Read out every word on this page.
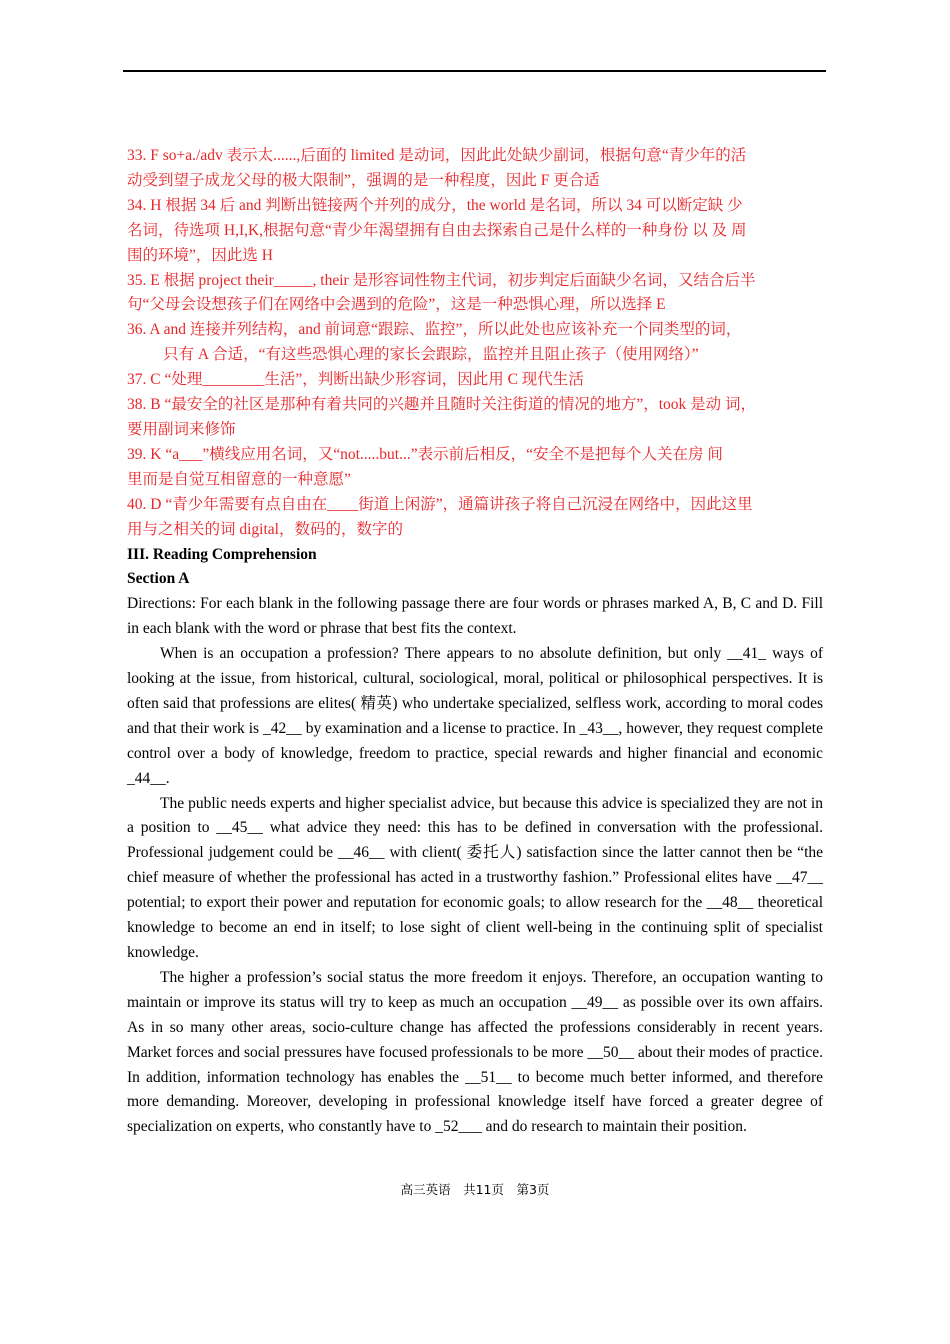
33. F so+a./adv 表示太......,后面的 limited 是动词，因此此处缺少副词，根据句意“青少年的活
动受到望子成龙父母的极大限制”，强调的是一种程度，因此 F 更合适

34. H 根据 34 后 and 判断出链接两个并列的成分，the world 是名词，所以 34 可以断定缺 少
名词，待选项 H,I,K,根据句意“青少年渴望拥有自由去探索自己是什么样的一种身份 以 及 周
围的环境”，因此选 H

35. E 根据 project their_____, their 是形容词性物主代词，初步判定后面缺少名词，又结合后半
句“父母会设想孩子们在网络中会遇到的危险”，这是一种恐惧心理，所以选择 E

36. A and 连接并列结构，and 前词意“跟踪、监控”，所以此处也应该补充一个同类型的词，
只有 A 合适，“有这些恐惧心理的家长会跟踪，监控并且阻止孩子（使用网络）”

37. C “处理________生活”，判断出缺少形容词，因此用 C 现代生活

38. B “最安全的社区是那种有着共同的兴趣并且随时关注街道的情况的地方”，took 是动 词，
要用副词来修饰

39. K “a___”横线应用名词，又“not.....but...”表示前后相反，“安全不是把每个人关在房 间
里而是自觉互相留意的一种意愿”

40. D “青少年需要有点自由在____街道上闲游”，通篇讲孩子将自己沉浸在网络中，因此这里
用与之相关的词 digital，数码的，数字的

III. Reading Comprehension

Section A

Directions: For each blank in the following passage there are four words or phrases marked A, B, C and D. Fill in each blank with the word or phrase that best fits the context.

When is an occupation a profession? There appears to no absolute definition, but only __41_ ways of looking at the issue, from historical, cultural, sociological, moral, political or philosophical perspectives. It is often said that professions are elites( 精英) who undertake specialized, selfless work, according to moral codes and that their work is _42__ by examination and a license to practice. In _43__, however, they request complete control over a body of knowledge, freedom to practice, special rewards and higher financial and economic _44__.

The public needs experts and higher specialist advice, but because this advice is specialized they are not in a position to __45__ what advice they need: this has to be defined in conversation with the professional. Professional judgement could be __46__ with client( 委托人) satisfaction since the latter cannot then be “the chief measure of whether the professional has acted in a trustworthy fashion.” Professional elites have __47__ potential; to export their power and reputation for economic goals; to allow research for the __48__ theoretical knowledge to become an end in itself; to lose sight of client well-being in the continuing split of specialist knowledge.

The higher a profession’s social status the more freedom it enjoys. Therefore, an occupation wanting to maintain or improve its status will try to keep as much an occupation __49__ as possible over its own affairs. As in so many other areas, socio-culture change has affected the professions considerably in recent years. Market forces and social pressures have focused professionals to be more __50__ about their modes of practice. In addition, information technology has enables the __51__ to become much better informed, and therefore more demanding. Moreover, developing in professional knowledge itself have forced a greater degree of specialization on experts, who constantly have to _52___ and do research to maintain their position.

高三英语　共11页　第3页
